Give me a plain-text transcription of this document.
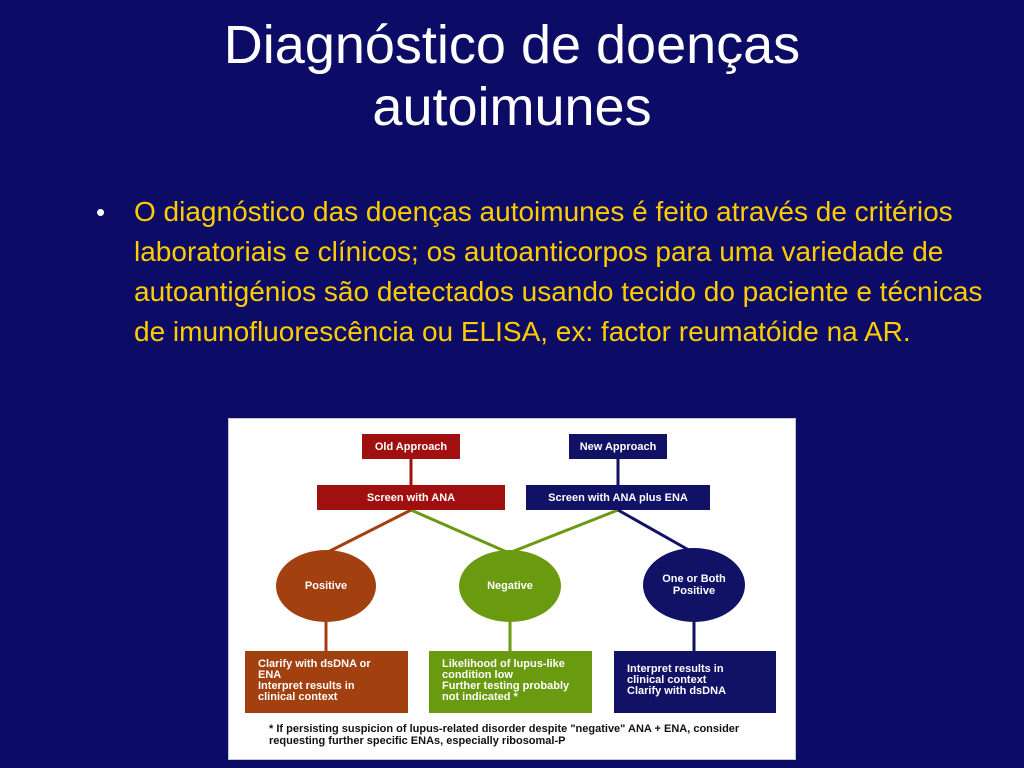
Diagnóstico de doenças
autoimunes
• O diagnóstico das doenças autoimunes é feito através de critérios laboratoriais e clínicos; os autoanticorpos para uma variedade de autoantigénios são detectados usando tecido do paciente e técnicas de imunofluorescência ou ELISA, ex: factor reumatóide na AR.
Old Approach	New Approach
Screen with ANA	Screen with ANA plus ENA
Positive	Negative
One or Both Positive
Clarify with dsDNA or
ENA
Interpret results in
clinical context
Likelihood of lupus-like
condition low
Further testing probably
not indicated *
Interpret results in
clinical context
Clarify with dsDNA
* If persisting suspicion of lupus-related disorder despite "negative" ANA + ENA, consider requesting further specific ENAs, especially ribosomal-P
